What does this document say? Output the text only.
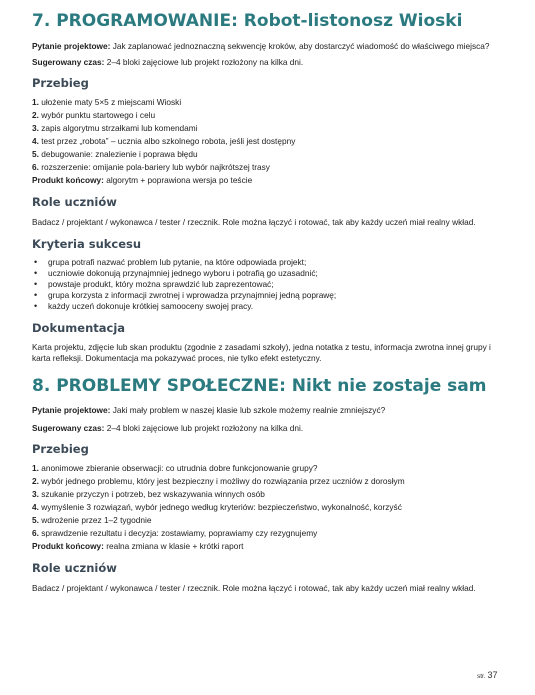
7. PROGRAMOWANIE: Robot-listonosz Wioski

Pytanie projektowe: Jak zaplanować jednoznaczną sekwencję kroków, aby dostarczyć wiadomość do właściwego miejsca?

Sugerowany czas: 2–4 bloki zajęciowe lub projekt rozłożony na kilka dni.

Przebieg
1. ułożenie maty 5×5 z miejscami Wioski
2. wybór punktu startowego i celu
3. zapis algorytmu strzałkami lub komendami
4. test przez „robota” – ucznia albo szkolnego robota, jeśli jest dostępny
5. debugowanie: znalezienie i poprawa błędu
6. rozszerzenie: omijanie pola-bariery lub wybór najkrótszej trasy

Produkt końcowy: algorytm + poprawiona wersja po teście

Role uczniów

Badacz / projektant / wykonawca / tester / rzecznik. Role można łączyć i rotować, tak aby każdy uczeń miał realny wkład.

Kryteria sukcesu
• grupa potrafi nazwać problem lub pytanie, na które odpowiada projekt;
• uczniowie dokonują przynajmniej jednego wyboru i potrafią go uzasadnić;
• powstaje produkt, który można sprawdzić lub zaprezentować;
• grupa korzysta z informacji zwrotnej i wprowadza przynajmniej jedną poprawę;
• każdy uczeń dokonuje krótkiej samooceny swojej pracy.
Dokumentacja

Karta projektu, zdjęcie lub skan produktu (zgodnie z zasadami szkoły), jedna notatka z testu, informacja zwrotna innej grupy i karta refleksji. Dokumentacja ma pokazywać proces, nie tylko efekt estetyczny.

8. PROBLEMY SPOŁECZNE: Nikt nie zostaje sam

Pytanie projektowe: Jaki mały problem w naszej klasie lub szkole możemy realnie zmniejszyć?

Sugerowany czas: 2–4 bloki zajęciowe lub projekt rozłożony na kilka dni.

Przebieg
1. anonimowe zbieranie obserwacji: co utrudnia dobre funkcjonowanie grupy?
2. wybór jednego problemu, który jest bezpieczny i możliwy do rozwiązania przez uczniów z dorosłym
3. szukanie przyczyn i potrzeb, bez wskazywania winnych osób
4. wymyślenie 3 rozwiązań, wybór jednego według kryteriów: bezpieczeństwo, wykonalność, korzyść
5. wdrożenie przez 1–2 tygodnie
6. sprawdzenie rezultatu i decyzja: zostawiamy, poprawiamy czy rezygnujemy

Produkt końcowy: realna zmiana w klasie + krótki raport

Role uczniów

Badacz / projektant / wykonawca / tester / rzecznik. Role można łączyć i rotować, tak aby każdy uczeń miał realny wkład.

str. 37
